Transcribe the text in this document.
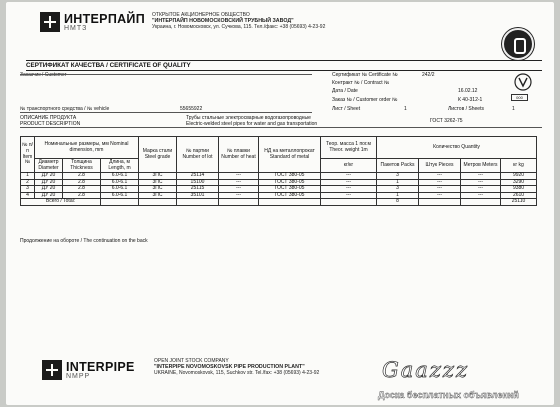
ИНТЕРПАЙП
НМТЗ
ОТКРЫТОЕ АКЦИОНЕРНОЕ ОБЩЕСТВО
"ИНТЕРПАЙП НОВОМОСКОВСКИЙ ТРУБНЫЙ ЗАВОД"
Украина, г. Новомосковск, ул. Сучкова, 115. Тел./факс: +38 (05693) 4-23-92
СЕРТИФИКАТ КАЧЕСТВА / CERTIFICATE OF QUALITY
Заказчик / Customer	Сертификат № Certificate №	242/2
Контракт № / Contract №
Дата / Date	16.02.12
Заказ № / Customer order №	К 40-312-1	000
№ транспортного средства / № vehicle	55655922	Лист / Sheet	1	Листов / Sheets	1
ОПИСАНИЕ ПРОДУКТА
PRODUCT DESCRIPTION
Трубы стальные электросварные водогазопроводные
Electric-welded steel pipes for water and gas transportation	ГОСТ 3262-75
№ п/п Item №	Номинальные размеры, мм Nominal dimension, mm			Марка стали Steel grade	№ партии Number of lot	№ плавки Number of heat	НД на металлопрокат Standard of metal	Теор. масса 1 пог.м Theor. weight 1m	Количество Quantity			
	Диаметр Diameter	Толщина Thickness	Длина, м Length, m					кг/кг	Пакетов Packs	Штук Pieces	Метров Meters	кг kg
1	ДУ 20	2.8	6.0-6.1	3ПС	25114	---	ГОСТ 380-05	---	3	---	---	9920
2	ДУ 20	2.8	6.0-6.1	3ПС	15100	---	ГОСТ 380-05	---	1	---	---	3290
3	ДУ 20	2.8	6.0-6.1	3ПС	25115	---	ГОСТ 380-05	---	3	---	---	9380
4	ДУ 20	2.8	6.0-6.1	3ПС	35101	---	ГОСТ 380-05	---	1	---	---	2610
Всего / Total:									8			25110
Продолжение на обороте / The continuation on the back
INTERPIPE
NMPP
OPEN JOINT STOCK COMPANY
"INTERPIPE NOVOMOSKOVSK PIPE PRODUCTION PLANT"
UKRAINE, Novomoskovsk, 115, Suchkov str. Tel./fax: +38 (05693) 4-23-92	Gaazzz
Доска бесплатных объявлений
